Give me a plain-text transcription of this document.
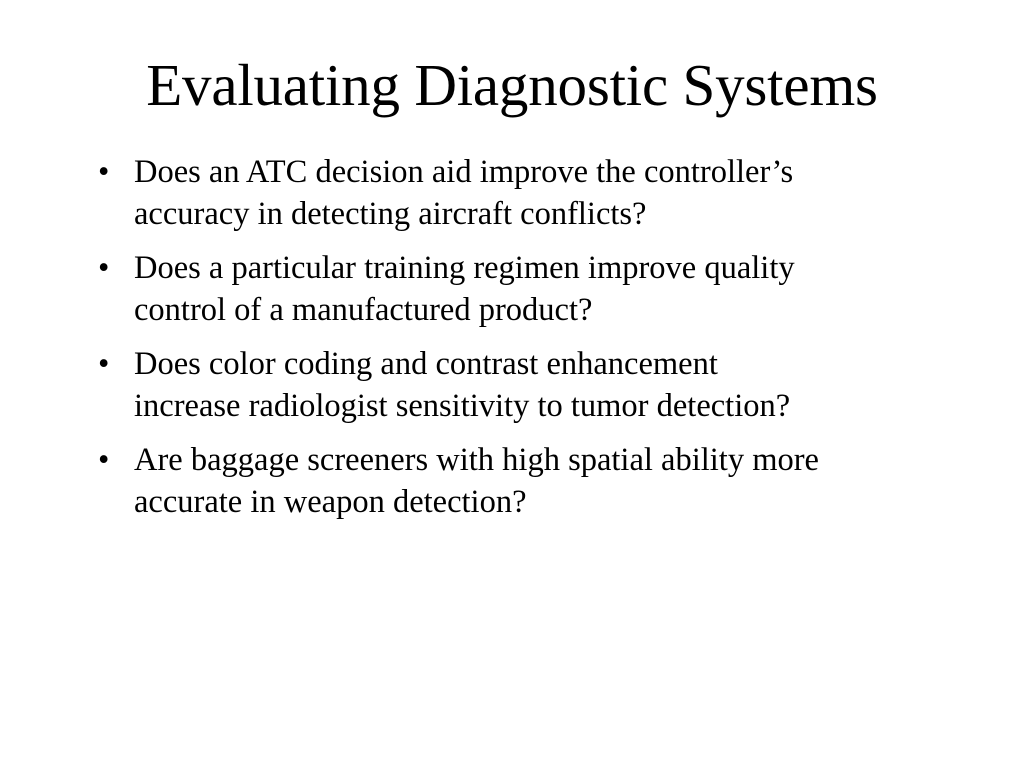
Evaluating Diagnostic Systems
• Does an ATC decision aid improve the controller’s
accuracy in detecting aircraft conflicts?
• Does a particular training regimen improve quality
control of a manufactured product?
• Does color coding and contrast enhancement
increase radiologist sensitivity to tumor detection?
• Are baggage screeners with high spatial ability more
accurate in weapon detection?
